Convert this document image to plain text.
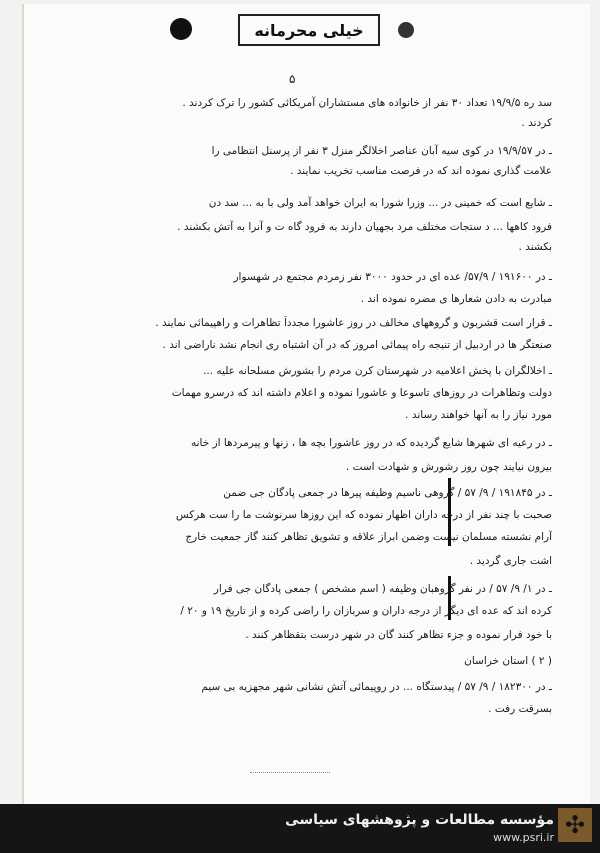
خیلی محرمانه
۵
سد ره ۱۹/۹/۵ تعداد ۳۰ نفر از خانواده های مستشاران آمریکائی کشور را ترک کردند .
کردند .
ـ در ۱۹/۹/۵۷ در کوی سیه آبان عناصر اخلالگر منزل ۳ نفر از پرسنل انتظامی را
علامت گذاری نموده اند که در فرصت مناسب تخریب نمایند .
ـ شایع است که خمینی در ... وزرا شورا به ایران خواهد آمد ولی با به ... سد دن
فرود کاهها ... د ستجات مختلف مرد بجهیان دارند به فرود گاه ت و آنرا به آتش بکشند .
بکشند .
ـ در ۱۹۱۶۰۰ / ۵۷/۹/ عده ای در حدود ۳۰۰۰ نفر زمردم مجتمع در شهسوار
مبادرت به دادن شعارها ی مضره نموده اند .
ـ قرار است قشربون و گروههای مخالف در روز عاشورا مجدداً تظاهرات و راهپیمائی نمایند .
صنعتگر ها در اردبیل از تنیجه راه پیمائی امروز که در آن اشتباه ری انجام نشد ناراضی اند .
ـ اخلالگران با پخش اعلامیه در شهرستان کرن مردم را بشورش مسلحانه علیه ...
دولت وتظاهرات در روزهای تاسوعا و عاشورا نموده و اعلام داشته اند که درسرو مهمات
مورد نیاز را به آنها خواهند رساند .
ـ در رعیه ای شهرها شایع گردیده که در روز عاشورا بچه ها ، زنها و پیرمردها از خانه
بیرون نیایند چون روز رشورش و شهادت است .
ـ در ۱۹۱۸۴۵ / ۹/ ۵۷ / گروهی ناسیم وظیفه پیرها در جمعی پادگان جی ضمن
صحبت با چند نفر از درجه داران اظهار نموده که این روزها سرنوشت ما را ست هرکس
آرام نشسته مسلمان نیست وضمن ابراز علاقه و تشویق تظاهر کنند گاز جمعیت خارج
اشت جاری گردید .
ـ در ۱/ ۹/ ۵۷ / در نفر گروهبان وظیفه ( اسم مشخص ) جمعی پادگان جی فرار
کرده اند که عده ای دیگر از درجه داران و سربازان را راضی کرده و از تاریخ ۱۹ و ۲۰ /
با خود فرار نموده و جزء تظاهر کنند گان در شهر درست بتقظاهر کنند .
( ۲ ) استان خراسان
ـ در ۱۸۲۳۰۰ / ۹/ ۵۷ / پیدستگاه ... در روپیمائی آتش نشانی شهر مجهزیه بی سیم
بسرقت رفت .
مؤسسه مطالعات و پژوهشهای سیاسی
www.psri.ir ✣
